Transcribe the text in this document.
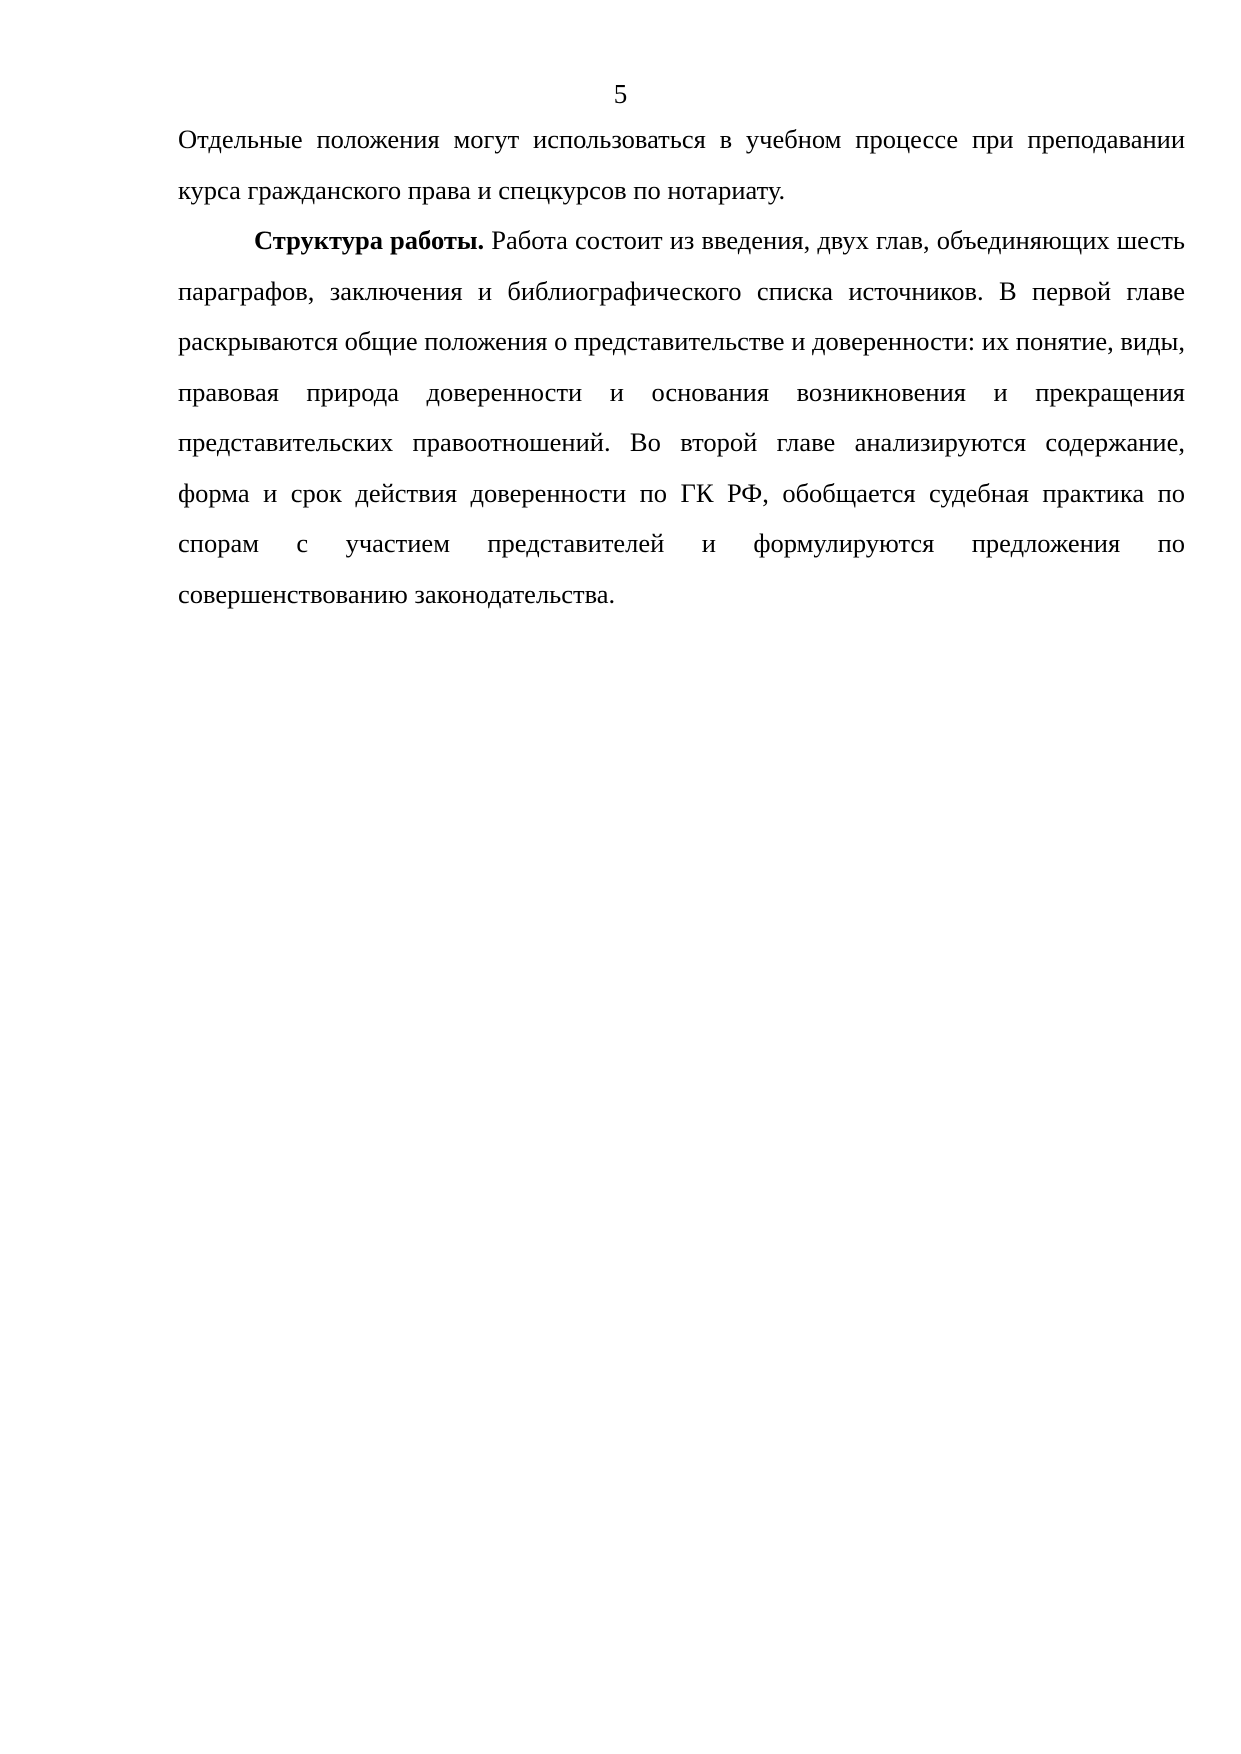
5

Отдельные положения могут использоваться в учебном процессе при преподавании курса гражданского права и спецкурсов по нотариату.

Структура работы. Работа состоит из введения, двух глав, объединяющих шесть параграфов, заключения и библиографического списка источников. В первой главе раскрываются общие положения о представительстве и доверенности: их понятие, виды, правовая природа доверенности и основания возникновения и прекращения представительских правоотношений. Во второй главе анализируются содержание, форма и срок действия доверенности по ГК РФ, обобщается судебная практика по спорам с участием представителей и формулируются предложения по совершенствованию законодательства.
